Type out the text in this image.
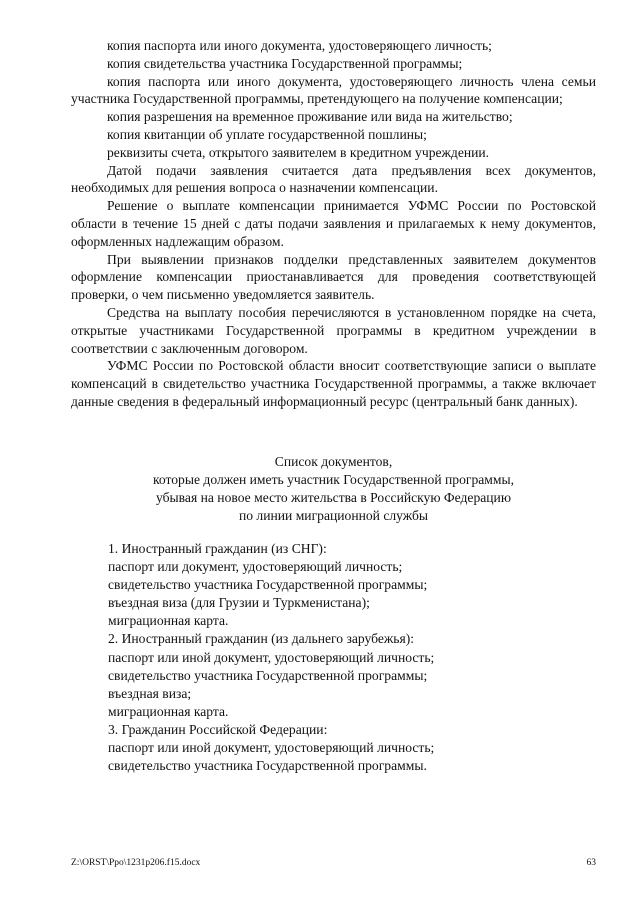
копия паспорта или иного документа, удостоверяющего личность;

копия свидетельства участника Государственной программы;

копия паспорта или иного документа, удостоверяющего личность члена семьи участника Государственной программы, претендующего на получение компенсации;

копия разрешения на временное проживание или вида на жительство;

копия квитанции об уплате государственной пошлины;

реквизиты счета, открытого заявителем в кредитном учреждении.

Датой подачи заявления считается дата предъявления всех документов, необходимых для решения вопроса о назначении компенсации.

Решение о выплате компенсации принимается УФМС России по Ростовской области в течение 15 дней с даты подачи заявления и прилагаемых к нему документов, оформленных надлежащим образом.

При выявлении признаков подделки представленных заявителем документов оформление компенсации приостанавливается для проведения соответствующей проверки, о чем письменно уведомляется заявитель.

Средства на выплату пособия перечисляются в установленном порядке на счета, открытые участниками Государственной программы в кредитном учреждении в соответствии с заключенным договором.

УФМС России по Ростовской области вносит соответствующие записи о выплате компенсаций в свидетельство участника Государственной программы, а также включает данные сведения в федеральный информационный ресурс (центральный банк данных).

Список документов,
которые должен иметь участник Государственной программы,
убывая на новое место жительства в Российскую Федерацию
по линии миграционной службы
1. Иностранный гражданин (из СНГ):
паспорт или документ, удостоверяющий личность;
свидетельство участника Государственной программы;
въездная виза (для Грузии и Туркменистана);
миграционная карта.
2. Иностранный гражданин (из дальнего зарубежья):
паспорт или иной документ, удостоверяющий личность;
свидетельство участника Государственной программы;
въездная виза;
миграционная карта.
3. Гражданин Российской Федерации:
паспорт или иной документ, удостоверяющий личность;
свидетельство участника Государственной программы.
Z:\ORST\Ppo\1231p206.f15.docx	63
